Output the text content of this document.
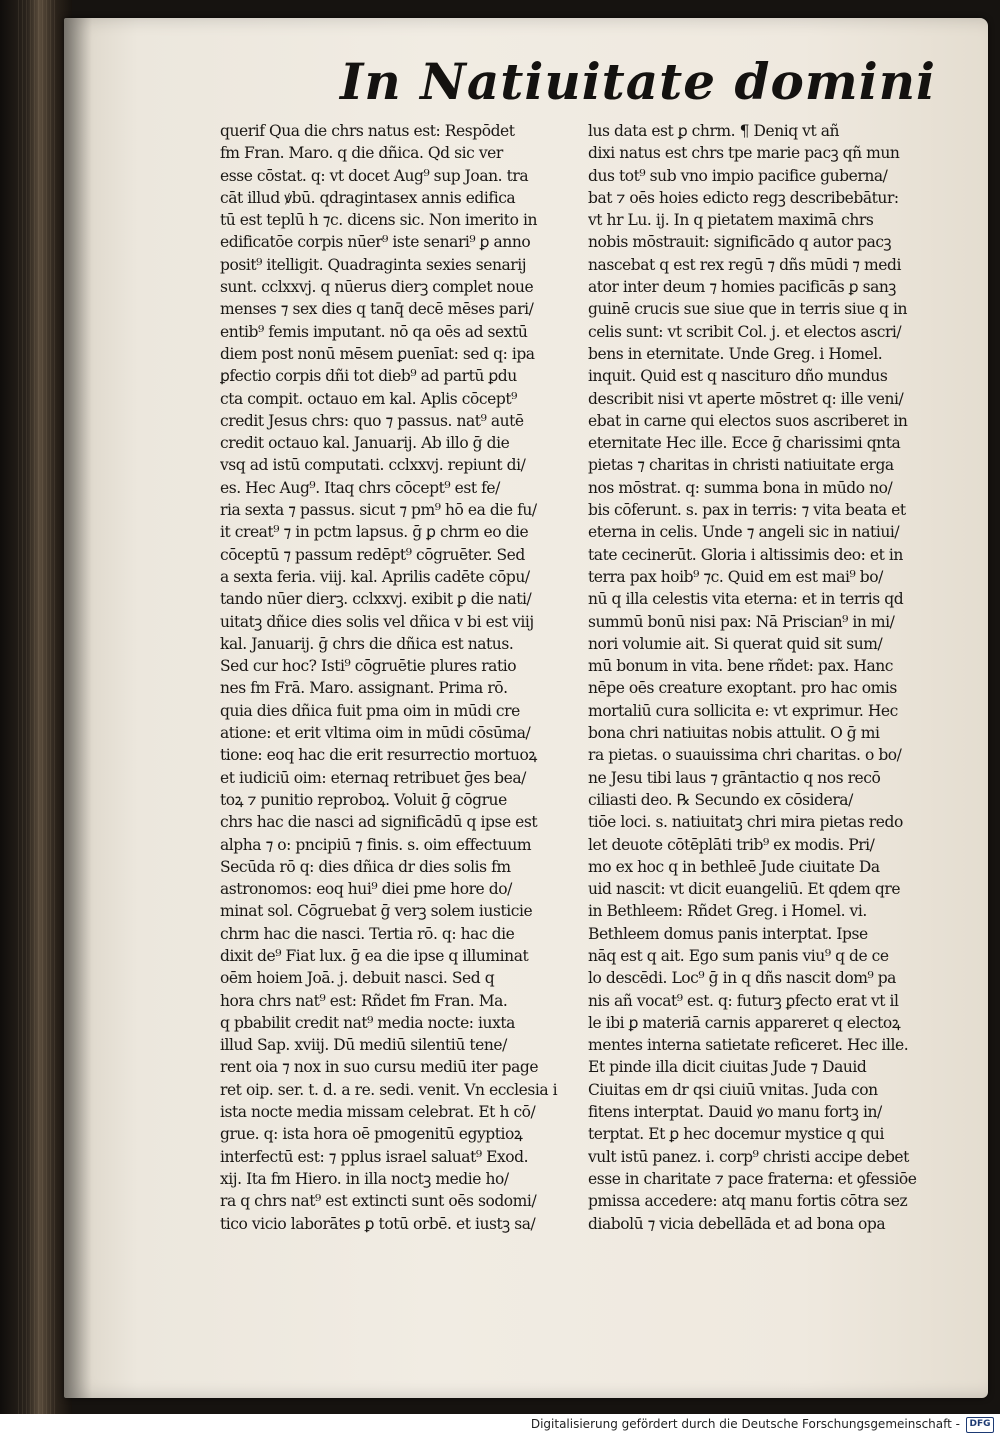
In Natiuitate domini
querif Qua die chrs natus est: Respōdet
fm Fran. Maro. q die dñica. Qd sic ver
esse cōstat. q: vt docet Aug⁹ sup Joan. tra
cāt illud ꝟbū. qdragintasex annis edifica
tū est teplū h ⁊c. dicens sic. Non imerito in
edificatōe corpis nūer⁹ iste senari⁹ ꝑ anno
posit⁹ itelligit. Quadraginta sexies senarij
sunt. cclxxvj. q nūerus dierꝫ complet noue
menses ⁊ sex dies q tanq̄ decē mēses pari/
entib⁹ femis imputant. nō qa oēs ad sextū
diem post nonū mēsem ꝑuenīat: sed q: ipa
ꝑfectio corpis dñi tot dieb⁹ ad partū ꝑdu
cta compit. octauo em kal. Aplis cōcept⁹
credit Jesus chrs: quo ⁊ passus. nat⁹ autē
credit octauo kal. Januarij. Ab illo ḡ die
vsq ad istū computati. cclxxvj. repiunt di/
es. Hec Aug⁹. Itaq chrs cōcept⁹ est fe/
ria sexta ⁊ passus. sicut ⁊ pm⁹ hō ea die fu/
it creat⁹ ⁊ in pctm lapsus. ḡ ꝑ chrm eo die
cōceptū ⁊ passum redēpt⁹ cōgruēter. Sed
a sexta feria. viij. kal. Aprilis cadēte cōpu/
tando nūer dierꝫ. cclxxvj. exibit ꝑ die nati/
uitatꝫ dñice dies solis vel dñica v bi est viij
kal. Januarij. ḡ chrs die dñica est natus.
Sed cur hoc? Isti⁹ cōgruētie plures ratio
nes fm Frā. Maro. assignant. Prima rō.
quia dies dñica fuit pma oim in mūdi cre
atione: et erit vltima oim in mūdi cōsūma/
tione: eoq hac die erit resurrectio mortuoꝝ
et iudiciū oim: eternaq retribuet ḡes bea/
toꝝ ⁊ punitio reproboꝝ. Voluit ḡ cōgrue
chrs hac die nasci ad significādū q ipse est
alpha ⁊ o: pncipiū ⁊ finis. s. oim effectuum
Secūda rō q: dies dñica dr dies solis fm
astronomos: eoq hui⁹ diei pme hore do/
minat sol. Cōgruebat ḡ verꝫ solem iusticie
chrm hac die nasci. Tertia rō. q: hac die
dixit de⁹ Fiat lux. ḡ ea die ipse q illuminat
oēm hoiem Joā. j. debuit nasci. Sed q
hora chrs nat⁹ est: Rñdet fm Fran. Ma.
q pbabilit credit nat⁹ media nocte: iuxta
illud Sap. xviij. Dū mediū silentiū tene/
rent oia ⁊ nox in suo cursu mediū iter page
ret oip. ser. t. d. a re. sedi. venit. Vn ecclesia i
ista nocte media missam celebrat. Et h cō/
grue. q: ista hora oē pmogenitū egyptioꝝ
interfectū est: ⁊ pplus israel saluat⁹ Exod.
xij. Ita fm Hiero. in illa noctꝫ medie ho/
ra q chrs nat⁹ est extincti sunt oēs sodomi/
tico vicio laborātes ꝑ totū orbē. et iustꝫ sa/
lus data est ꝑ chrm. ¶ Deniq vt añ
dixi natus est chrs tpe marie pacꝫ qñ mun
dus tot⁹ sub vno impio pacifice guberna/
bat ⁊ oēs hoies edicto regꝫ describebātur:
vt hr Lu. ij. In q pietatem maximā chrs
nobis mōstrauit: significādo q autor pacꝫ
nascebat q est rex regū ⁊ dñs mūdi ⁊ medi
ator inter deum ⁊ homies pacificās ꝑ sanꝫ
guinē crucis sue siue que in terris siue q in
celis sunt: vt scribit Col. j. et electos ascri/
bens in eternitate. Unde Greg. i Homel.
inquit. Quid est q nascituro dño mundus
describit nisi vt aperte mōstret q: ille veni/
ebat in carne qui electos suos ascriberet in
eternitate Hec ille. Ecce ḡ charissimi qnta
pietas ⁊ charitas in christi natiuitate erga
nos mōstrat. q: summa bona in mūdo no/
bis cōferunt. s. pax in terris: ⁊ vita beata et
eterna in celis. Unde ⁊ angeli sic in natiui/
tate cecinerūt. Gloria i altissimis deo: et in
terra pax hoib⁹ ⁊c. Quid em est mai⁹ bo/
nū q illa celestis vita eterna: et in terris qd
summū bonū nisi pax: Nā Priscian⁹ in mi/
nori volumie ait. Si querat quid sit sum/
mū bonum in vita. bene rñdet: pax. Hanc
nēpe oēs creature exoptant. pro hac omis
mortaliū cura sollicita e: vt exprimur. Hec
bona chri natiuitas nobis attulit. O ḡ mi
ra pietas. o suauissima chri charitas. o bo/
ne Jesu tibi laus ⁊ grāntactio q nos recō
ciliasti deo. ℞ Secundo ex cōsidera/
tiōe loci. s. natiuitatꝫ chri mira pietas redo
let deuote cōtēplāti trib⁹ ex modis. Pri/
mo ex hoc q in bethleē Jude ciuitate Da
uid nascit: vt dicit euangeliū. Et qdem qre
in Bethleem: Rñdet Greg. i Homel. vi.
Bethleem domus panis interptat. Ipse
nāq est q ait. Ego sum panis viu⁹ q de ce
lo descēdi. Loc⁹ ḡ in q dñs nascit dom⁹ pa
nis añ vocat⁹ est. q: futurꝫ ꝑfecto erat vt il
le ibi ꝑ materiā carnis appareret q electoꝝ
mentes interna satietate reficeret. Hec ille.
Et pinde illa dicit ciuitas Jude ⁊ Dauid
Ciuitas em dr qsi ciuiū vnitas. Juda con
fitens interptat. Dauid ꝟo manu fortꝫ in/
terptat. Et ꝑ hec docemur mystice q qui
vult istū panez. i. corp⁹ christi accipe debet
esse in charitate ⁊ pace fraterna: et ꝯfessiōe
pmissa accedere: atq manu fortis cōtra sez
diabolū ⁊ vicia debellāda et ad bona opa
Digitalisierung gefördert durch die Deutsche Forschungsgemeinschaft -	DFG
